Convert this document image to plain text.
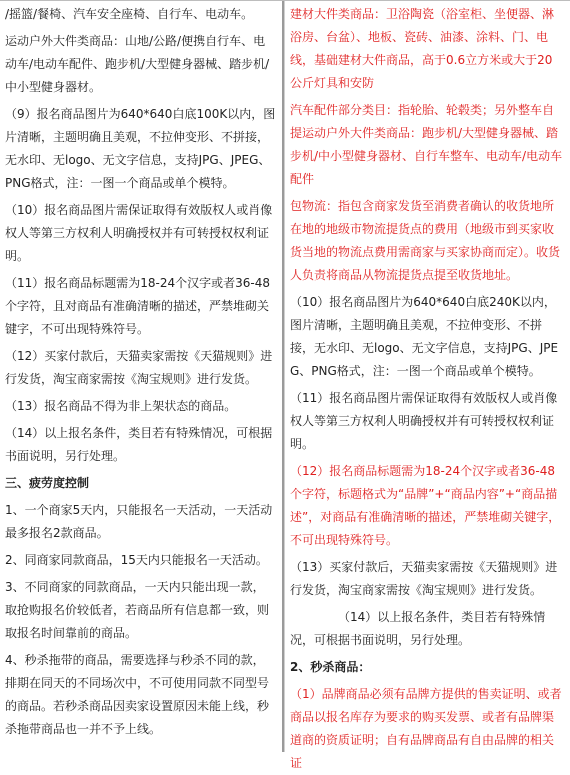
/摇篮/餐椅、汽车安全座椅、自行车、电动车。

运动户外大件类商品：山地/公路/便携自行车、电动车/电动车配件、跑步机/大型健身器械、踏步机/中小型健身器材。

（9）报名商品图片为640*640白底100K以内，图片清晰，主题明确且美观，不拉伸变形、不拼接，无水印、无logo、无文字信息，支持JPG、JPEG、PNG格式，注：一图一个商品或单个模特。

（10）报名商品图片需保证取得有效版权人或肖像权人等第三方权利人明确授权并有可转授权权利证明。

（11）报名商品标题需为18-24个汉字或者36-48个字符，且对商品有准确清晰的描述，严禁堆砌关键字，不可出现特殊符号。

（12）买家付款后，天猫卖家需按《天猫规则》进行发货，淘宝商家需按《淘宝规则》进行发货。

（13）报名商品不得为非上架状态的商品。

（14）以上报名条件，类目若有特殊情况，可根据书面说明，另行处理。

三、疲劳度控制

1、一个商家5天内，只能报名一天活动，一天活动最多报名2款商品。

2、同商家同款商品，15天内只能报名一天活动。

3、不同商家的同款商品，一天内只能出现一款，取抢购报名价较低者，若商品所有信息都一致，则取报名时间靠前的商品。

4、秒杀拖带的商品，需要选择与秒杀不同的款，排期在同天的不同场次中，不可使用同款不同型号的商品。若秒杀商品因卖家设置原因未能上线，秒杀拖带商品也一并不予上线。

建材大件类商品：卫浴陶瓷（浴室柜、坐便器、淋浴房、台盆）、地板、瓷砖、油漆、涂料、门、电线，基础建材大件商品，高于0.6立方米或大于20公斤灯具和安防

汽车配件部分类目：指轮胎、轮毂类；另外整车自提运动户外大件类商品：跑步机/大型健身器械、踏步机/中小型健身器材、自行车整车、电动车/电动车配件

包物流：指包含商家发货至消费者确认的收货地所在地的地级市物流提货点的费用（地级市到买家收货当地的物流点费用需商家与买家协商而定）。收货人负责将商品从物流提货点提至收货地址。

（10）报名商品图片为640*640白底240K以内，图片清晰，主题明确且美观，不拉伸变形、不拼接，无水印、无logo、无文字信息，支持JPG、JPEG、PNG格式，注：一图一个商品或单个模特。

（11）报名商品图片需保证取得有效版权人或肖像权人等第三方权利人明确授权并有可转授权权利证明。

（12）报名商品标题需为18-24个汉字或者36-48个字符，标题格式为“品牌”+“商品内容”+“商品描述”，对商品有准确清晰的描述，严禁堆砌关键字，不可出现特殊符号。

（13）买家付款后，天猫卖家需按《天猫规则》进行发货，淘宝商家需按《淘宝规则》进行发货。

（14）以上报名条件，类目若有特殊情况，可根据书面说明，另行处理。

2、秒杀商品：

（1）品牌商品必须有品牌方提供的售卖证明、或者商品以报名库存为要求的购买发票、或者有品牌渠道商的资质证明；自有品牌商品有自由品牌的相关证
